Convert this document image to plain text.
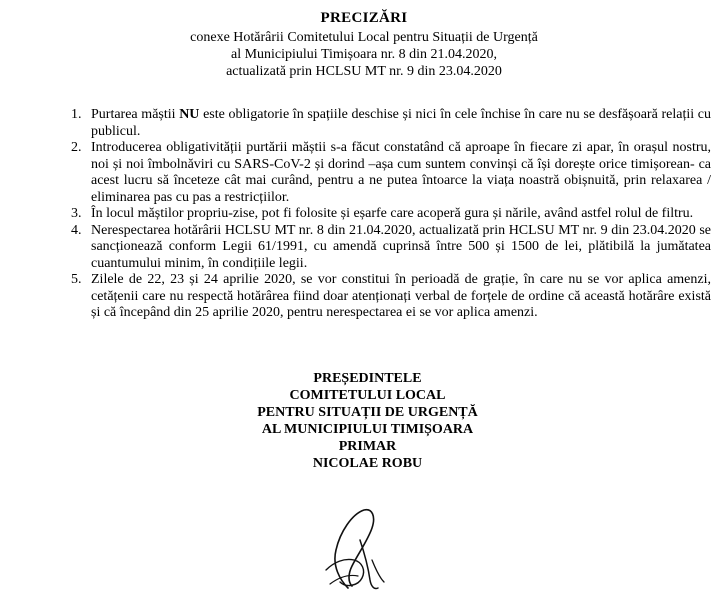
PRECIZĂRI
conexe Hotărârii Comitetului Local pentru Situații de Urgență
al Municipiului Timișoara nr. 8 din 21.04.2020,
actualizată prin HCLSU MT nr. 9 din 23.04.2020
1. Purtarea măștii NU este obligatorie în spațiile deschise și nici în cele închise în care nu se desfășoară relații cu publicul.
2. Introducerea obligativității purtării măștii s-a făcut constatând că aproape în fiecare zi apar, în orașul nostru, noi și noi îmbolnăviri cu SARS-CoV-2 și dorind –așa cum suntem convinși că își dorește orice timișorean- ca acest lucru să înceteze cât mai curând, pentru a ne putea întoarce la viața noastră obișnuită, prin relaxarea / eliminarea pas cu pas a restricțiilor.
3. În locul măștilor propriu-zise, pot fi folosite și eșarfe care acoperă gura și nările, având astfel rolul de filtru.
4. Nerespectarea hotărârii HCLSU MT nr. 8 din 21.04.2020, actualizată prin HCLSU MT nr. 9 din 23.04.2020 se sancționează conform Legii 61/1991, cu amendă cuprinsă între 500 și 1500 de lei, plătibilă la jumătatea cuantumului minim, în condițiile legii.
5. Zilele de 22, 23 și 24 aprilie 2020, se vor constitui în perioadă de grație, în care nu se vor aplica amenzi, cetățenii care nu respectă hotărârea fiind doar atenționați verbal de forțele de ordine că această hotărâre există și că începând din 25 aprilie 2020, pentru nerespectarea ei se vor aplica amenzi.
PREȘEDINTELE
COMITETULUI LOCAL
PENTRU SITUAȚII DE URGENȚĂ
AL MUNICIPIULUI TIMIȘOARA
PRIMAR
NICOLAE ROBU
